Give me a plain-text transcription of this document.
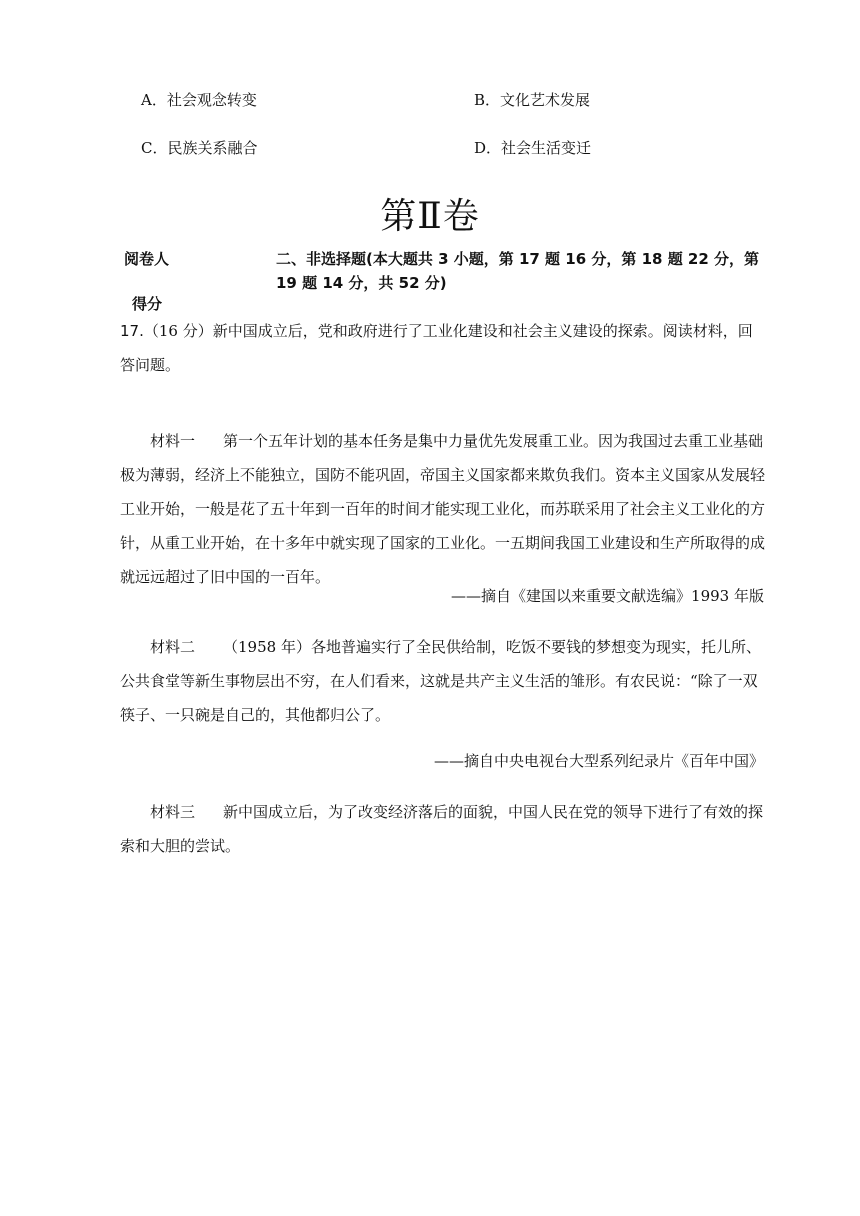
A．社会观念转变	B．文化艺术发展
C．民族关系融合	D．社会生活变迁
第Ⅱ卷
阅卷人
得分
二、非选择题(本大题共 3 小题，第 17 题 16 分，第 18 题 22 分，第
19 题 14 分，共 52 分)
17.（16 分）新中国成立后，党和政府进行了工业化建设和社会主义建设的探索。阅读材料，回答问题。
材料一 第一个五年计划的基本任务是集中力量优先发展重工业。因为我国过去重工业基础极为薄弱，经济上不能独立，国防不能巩固，帝国主义国家都来欺负我们。资本主义国家从发展轻工业开始，一般是花了五十年到一百年的时间才能实现工业化，而苏联采用了社会主义工业化的方针，从重工业开始，在十多年中就实现了国家的工业化。一五期间我国工业建设和生产所取得的成就远远超过了旧中国的一百年。
——摘自《建国以来重要文献选编》1993 年版
材料二 （1958 年）各地普遍实行了全民供给制，吃饭不要钱的梦想变为现实，托儿所、公共食堂等新生事物层出不穷，在人们看来，这就是共产主义生活的雏形。有农民说：“除了一双筷子、一只碗是自己的，其他都归公了。
——摘自中央电视台大型系列纪录片《百年中国》
材料三 新中国成立后，为了改变经济落后的面貌，中国人民在党的领导下进行了有效的探索和大胆的尝试。
